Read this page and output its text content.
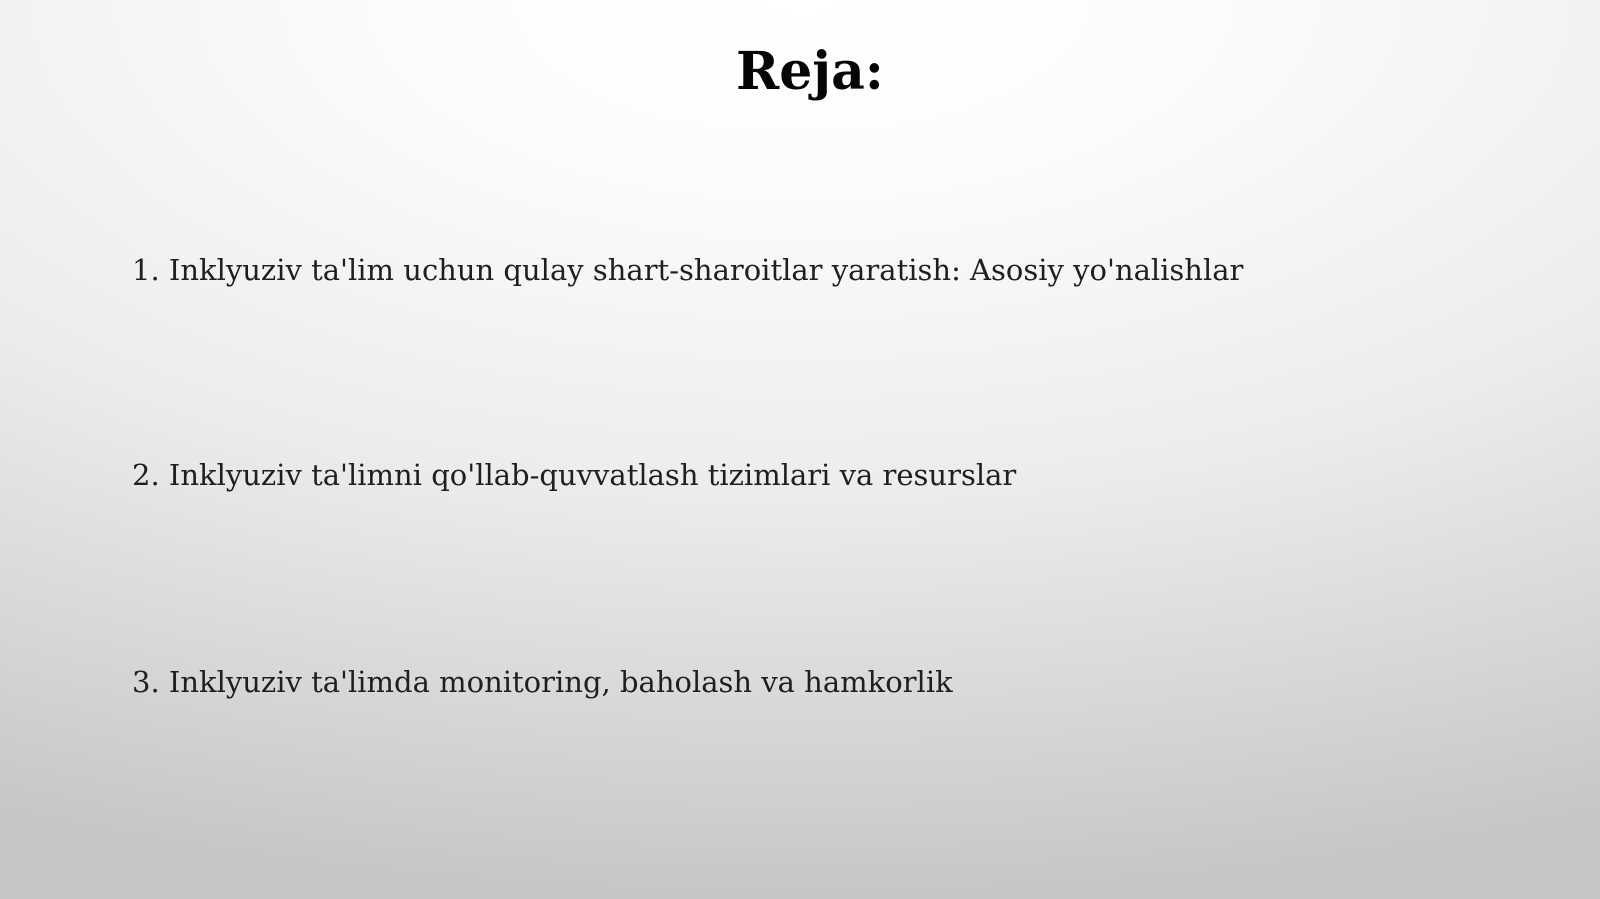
Reja:
1. Inklyuziv ta'lim uchun qulay shart-sharoitlar yaratish: Asosiy yo'nalishlar
2. Inklyuziv ta'limni qo'llab-quvvatlash tizimlari va resurslar
3. Inklyuziv ta'limda monitoring, baholash va hamkorlik
